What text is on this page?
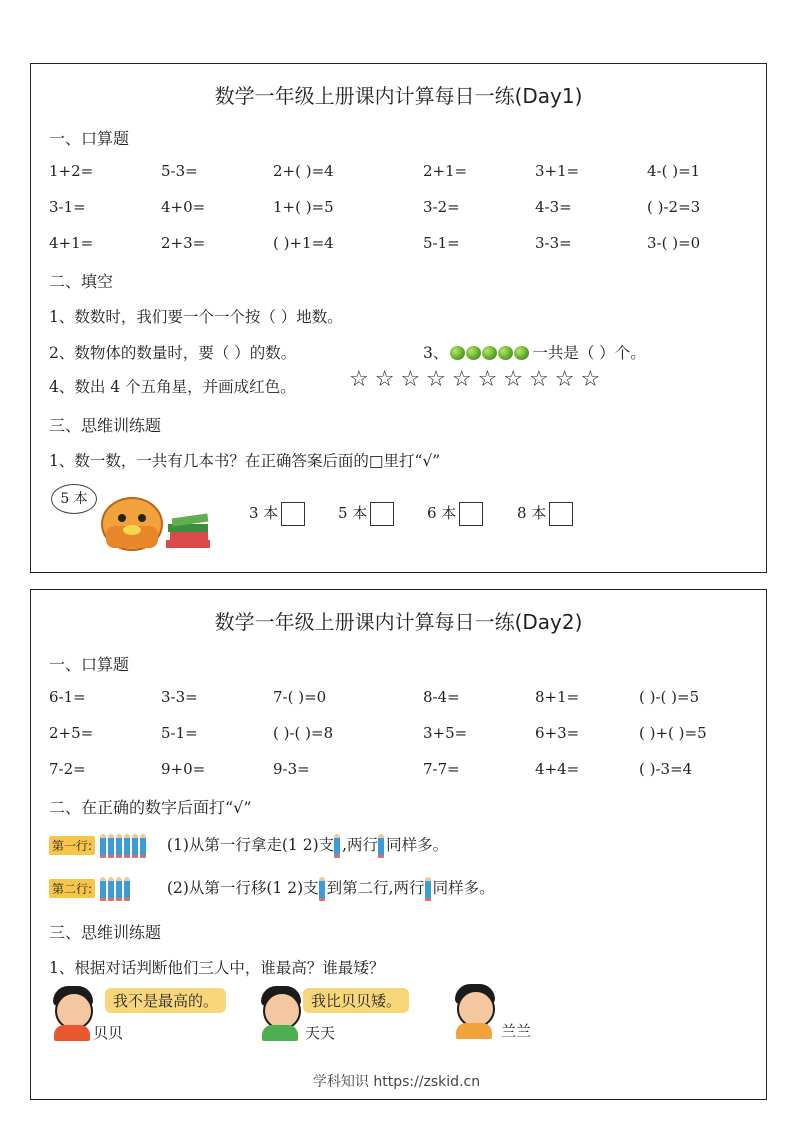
数学一年级上册课内计算每日一练(Day1)
一、口算题
1+2=	5-3=	2+( )=4	2+1=	3+1=	4-( )=1
3-1=	4+0=	1+( )=5	3-2=	4-3=	( )-2=3
4+1=	2+3=	( )+1=4	5-1=	3-3=	3-( )=0
二、填空
1、数数时，我们要一个一个按（ ）地数。
2、数物体的数量时，要（ ）的数。	3、	一共是（ ）个。
4、数出 4 个五角星，并画成红色。 ☆☆☆☆☆☆☆☆☆☆
三、思维训练题
1、数一数，一共有几本书？在正确答案后面的□里打“√”
5 本
3 本	5 本	6 本	8 本
数学一年级上册课内计算每日一练(Day2)
一、口算题
6-1=	3-3=	7-( )=0	8-4=	8+1=	( )-( )=5
2+5=	5-1=	( )-( )=8	3+5=	6+3=	( )+( )=5
7-2=	9+0=	9-3=	7-7=	4+4=	( )-3=4
二、在正确的数字后面打“√”
第一行:	(1)从第一行拿走(1 2)支 ,两行 同样多。
第二行:	(2)从第一行移(1 2)支 到第二行,两行 同样多。
三、思维训练题
1、根据对话判断他们三人中，谁最高？谁最矮？
我不是最高的。
贝贝
我比贝贝矮。
天天	兰兰
学科知识 https://zskid.cn
